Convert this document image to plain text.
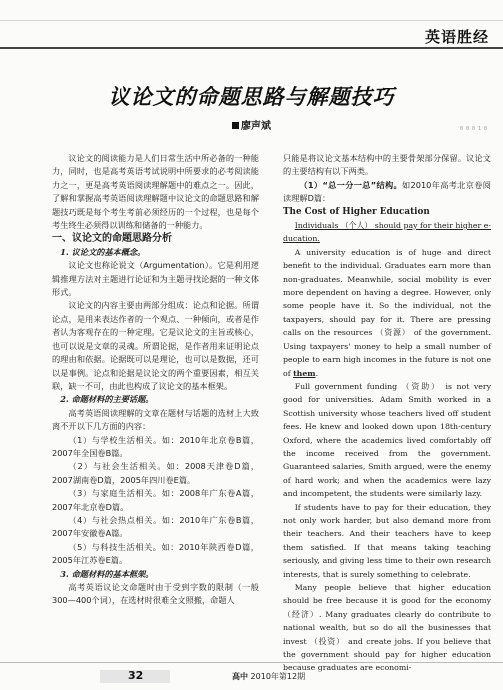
英语胜经
议论文的命题思路与解题技巧
廖声斌	0 0 0 1 0

议论文的阅读能力是人们日常生活中所必备的一种能力，同时，也是高考英语考试说明中所要求的必考阅读能力之一，更是高考英语阅读理解题中的难点之一。因此，了解和掌握高考英语阅读理解题中议论文的命题思路和解题技巧既是每个考生考前必须经历的一个过程，也是每个考生终生必须得以训练和储备的一种能力。

一、议论文的命题思路分析

1. 议论文的基本概念。

议论文也称论说文（Argumentation）。它是利用逻辑推理方法对主题进行论证和为主题寻找论据的一种文体形式。

议论文的内容主要由两部分组成：论点和论据。所谓论点，是用来表达作者的一个观点、一种倾向，或者是作者认为客观存在的一种定理。它是议论文的主旨或核心，也可以说是文章的灵魂。所谓论据，是作者用来证明论点的理由和依据。论据既可以是理论，也可以是数据，还可以是事例。论点和论据是议论文的两个重要因素，相互关联，缺一不可，由此也构成了议论文的基本框架。

2. 命题材料的主要话题。

高考英语阅读理解的文章在题材与话题的选材上大致离不开以下几方面的内容：

（1）与学校生活相关。如：2010年北京卷B篇，2007年全国卷B篇。

（2）与社会生活相关。如：2008天津卷D篇，2007湖南卷D篇，2005年四川卷E篇。

（3）与家庭生活相关。如：2008年广东卷A篇，2007年北京卷D篇。

（4）与社会热点相关。如：2010年广东卷B篇，2007年安徽卷A篇。

（5）与科技生活相关。如：2010年陕西卷D篇，2005年江苏卷E篇。

3. 命题材料的基本框架。

高考英语议论文命题时由于受到字数的限制（一般300—400个词），在选材时很难全文照搬，命题人

只能是将议论文基本结构中的主要骨架部分保留。议论文的主要结构有以下两类。

（1）“总一分一总”结构。如2010年高考北京卷阅读理解D篇：

The Cost of Higher Education

Individuals （个人） should pay for their higher e-ducation.

A university education is of huge and direct benefit to the individual. Graduates earn more than non-graduates. Meanwhile, social mobility is ever more dependent on having a degree. However, only some people have it. So the individual, not the taxpayers, should pay for it. There are pressing calls on the resources （资源） of the government. Using taxpayers' money to help a small number of people to earn high incomes in the future is not one of them.

Full government funding （资助） is not very good for universities. Adam Smith worked in a Scottish university whose teachers lived off student fees. He knew and looked down upon 18th-century Oxford, where the academics lived comfortably off the income received from the government. Guaranteed salaries, Smith argued, were the enemy of hard work; and when the academics were lazy and incompetent, the students were similarly lazy.

If students have to pay for their education, they not only work harder, but also demand more from their teachers. And their teachers have to keep them satisfied. If that means taking teaching seriously, and giving less time to their own research interests, that is surely something to celebrate.

Many people believe that higher education should be free because it is good for the economy （经济）. Many graduates clearly do contribute to national wealth, but so do all the businesses that invest （投资） and create jobs. If you believe that the government should pay for higher education because graduates are economi-

32	高中 2010年第12期
